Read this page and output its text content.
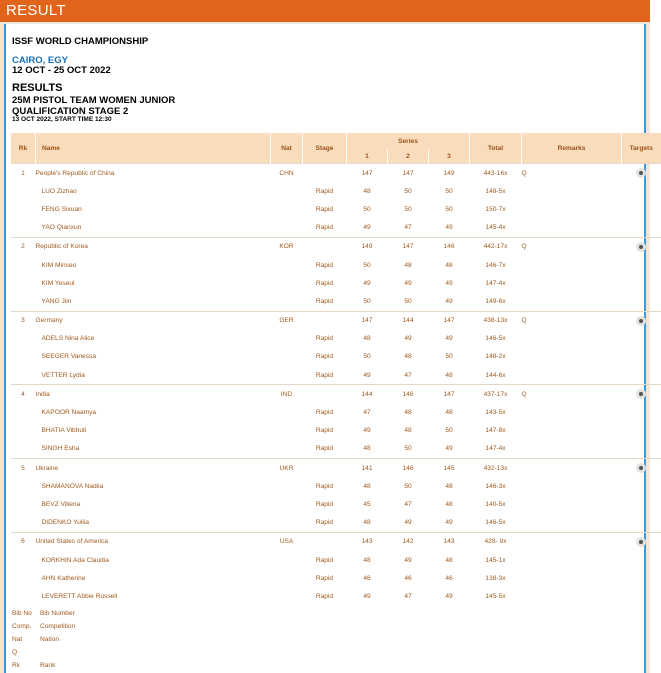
RESULT
ISSF WORLD CHAMPIONSHIP
CAIRO, EGY
12 OCT - 25 OCT 2022
RESULTS
25M PISTOL TEAM WOMEN JUNIOR
QUALIFICATION STAGE 2
13 OCT 2022, START TIME 12:30
Rk	Name	Nat	Stage	Series			Total	Remarks	Targets
				1	2	3			
1	People's Republic of China	CHN		147	147	149	443-16x	Q	
	LUO Zizhao		Rapid	48	50	50	148-5x		
	FENG Sixuan		Rapid	50	50	50	150-7x		
	YAO Qianxun		Rapid	49	47	49	145-4x		
2	Republic of Korea	KOR		149	147	146	442-17x	Q	
	KIM Minseo		Rapid	50	48	48	146-7x		
	KIM Yeseul		Rapid	49	49	49	147-4x		
	YANG Jiin		Rapid	50	50	49	149-6x		
3	Germany	GER		147	144	147	438-13x	Q	
	ADELS Nina Alice		Rapid	48	49	49	146-5x		
	SEEGER Vanessa		Rapid	50	48	50	148-2x		
	VETTER Lydia		Rapid	49	47	48	144-6x		
4	India	IND		144	146	147	437-17x	Q	
	KAPOOR Naamya		Rapid	47	48	48	143-5x		
	BHATIA Vibhuti		Rapid	49	48	50	147-8x		
	SINGH Esha		Rapid	48	50	49	147-4x		
5	Ukraine	UKR		141	146	145	432-13x		
	SHAMANOVA Nadiia		Rapid	48	50	48	146-3x		
	BEVZ Viliena		Rapid	45	47	48	140-5x		
	DIDENKO Yuliia		Rapid	48	49	49	146-5x		
6	United States of America	USA		143	142	143	428- 9x		
	KORKHIN Ada Claudia		Rapid	48	49	48	145-1x		
	AHN Katherine		Rapid	46	46	46	138-3x		
	LEVERETT Abbie Russell		Rapid	49	47	49	145-5x		
Bib No Bib Number
Comp. Competition
Nat	Nation
Q
Rk	Rank
